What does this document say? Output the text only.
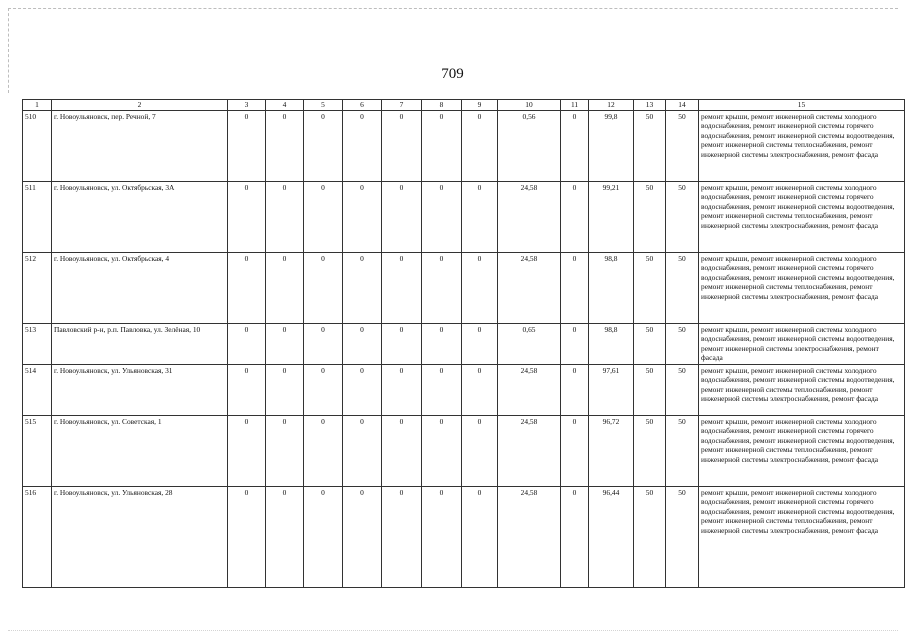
709
1	2	3	4	5	6	7	8	9	10	11	12	13	14	15
510	г. Новоульяновск, пер. Речной, 7	0	0	0	0	0	0	0	0,56	0	99,8	50	50	ремонт крыши, ремонт инженерной системы холодного водоснабжения, ремонт инженерной системы горячего водоснабжения, ремонт инженерной системы водоотведения, ремонт инженерной системы теплоснабжения, ремонт инженерной системы электроснабжения, ремонт фасада
511	г. Новоульяновск, ул. Октябрьская, 3А	0	0	0	0	0	0	0	24,58	0	99,21	50	50	ремонт крыши, ремонт инженерной системы холодного водоснабжения, ремонт инженерной системы горячего водоснабжения, ремонт инженерной системы водоотведения, ремонт инженерной системы теплоснабжения, ремонт инженерной системы электроснабжения, ремонт фасада
512	г. Новоульяновск, ул. Октябрьская, 4	0	0	0	0	0	0	0	24,58	0	98,8	50	50	ремонт крыши, ремонт инженерной системы холодного водоснабжения, ремонт инженерной системы горячего водоснабжения, ремонт инженерной системы водоотведения, ремонт инженерной системы теплоснабжения, ремонт инженерной системы электроснабжения, ремонт фасада
513	Павловский р-н, р.п. Павловка, ул. Зелёная, 10	0	0	0	0	0	0	0	0,65	0	98,8	50	50	ремонт крыши, ремонт инженерной системы холодного водоснабжения, ремонт инженерной системы водоотведения, ремонт инженерной системы электроснабжения, ремонт фасада
514	г. Новоульяновск, ул. Ульяновская, 31	0	0	0	0	0	0	0	24,58	0	97,61	50	50	ремонт крыши, ремонт инженерной системы холодного водоснабжения, ремонт инженерной системы водоотведения, ремонт инженерной системы теплоснабжения, ремонт инженерной системы электроснабжения, ремонт фасада
515	г. Новоульяновск, ул. Советская, 1	0	0	0	0	0	0	0	24,58	0	96,72	50	50	ремонт крыши, ремонт инженерной системы холодного водоснабжения, ремонт инженерной системы горячего водоснабжения, ремонт инженерной системы водоотведения, ремонт инженерной системы теплоснабжения, ремонт инженерной системы электроснабжения, ремонт фасада
516	г. Новоульяновск, ул. Ульяновская, 28	0	0	0	0	0	0	0	24,58	0	96,44	50	50	ремонт крыши, ремонт инженерной системы холодного водоснабжения, ремонт инженерной системы горячего водоснабжения, ремонт инженерной системы водоотведения, ремонт инженерной системы теплоснабжения, ремонт инженерной системы электроснабжения, ремонт фасада
